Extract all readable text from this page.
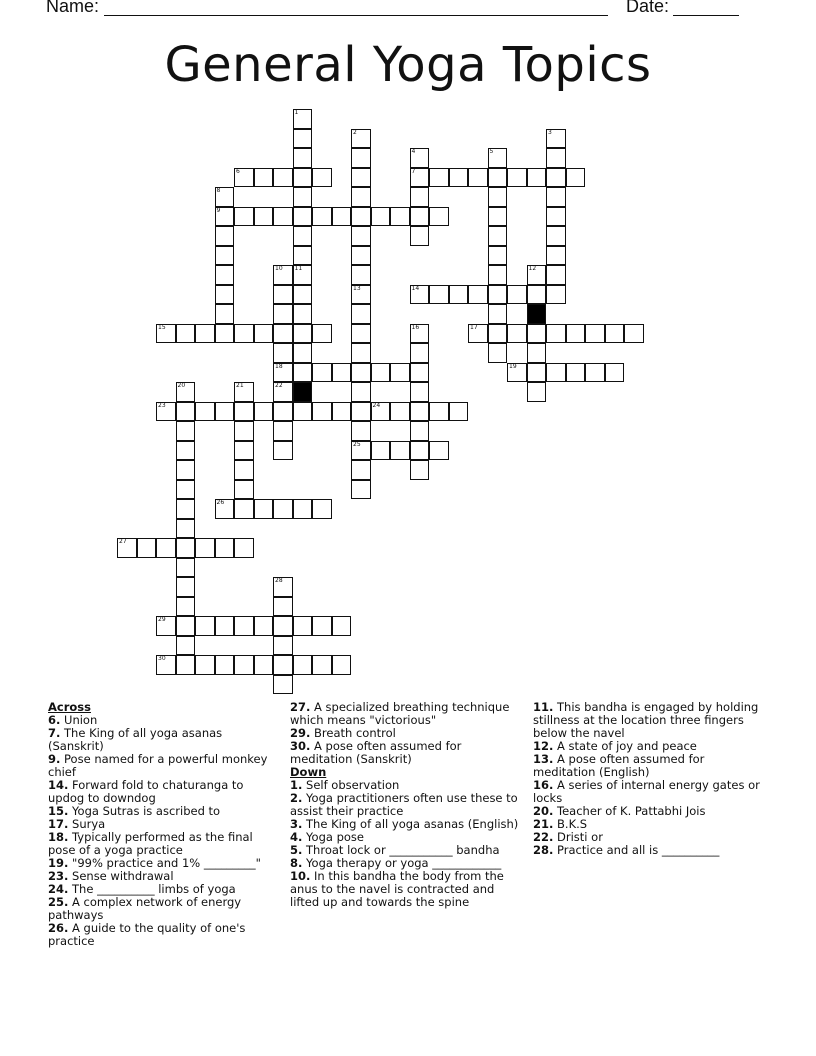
Name:	Date:
General Yoga Topics
6	7
9
14
15	17
18	19
23	24
25
26
27
29
30
1
11
2
13
3
4	5
8
10	12
16
20	21	22
28
Across
6. Union
7. The King of all yoga asanas (Sanskrit)
9. Pose named for a powerful monkey chief
14. Forward fold to chaturanga to updog to downdog
15. Yoga Sutras is ascribed to
17. Surya
18. Typically performed as the final pose of a yoga practice
19. "99% practice and 1% _________"
23. Sense withdrawal
24. The __________ limbs of yoga
25. A complex network of energy pathways
26. A guide to the quality of one's practice
27. A specialized breathing technique which means "victorious"
29. Breath control
30. A pose often assumed for meditation (Sanskrit)
Down
1. Self observation
2. Yoga practitioners often use these to assist their practice
3. The King of all yoga asanas (English)
4. Yoga pose
5. Throat lock or ___________ bandha
8. Yoga therapy or yoga ____________
10. In this bandha the body from the anus to the navel is contracted and lifted up and towards the spine
11. This bandha is engaged by holding stillness at the location three fingers below the navel
12. A state of joy and peace
13. A pose often assumed for meditation (English)
16. A series of internal energy gates or locks
20. Teacher of K. Pattabhi Jois
21. B.K.S
22. Dristi or
28. Practice and all is __________
